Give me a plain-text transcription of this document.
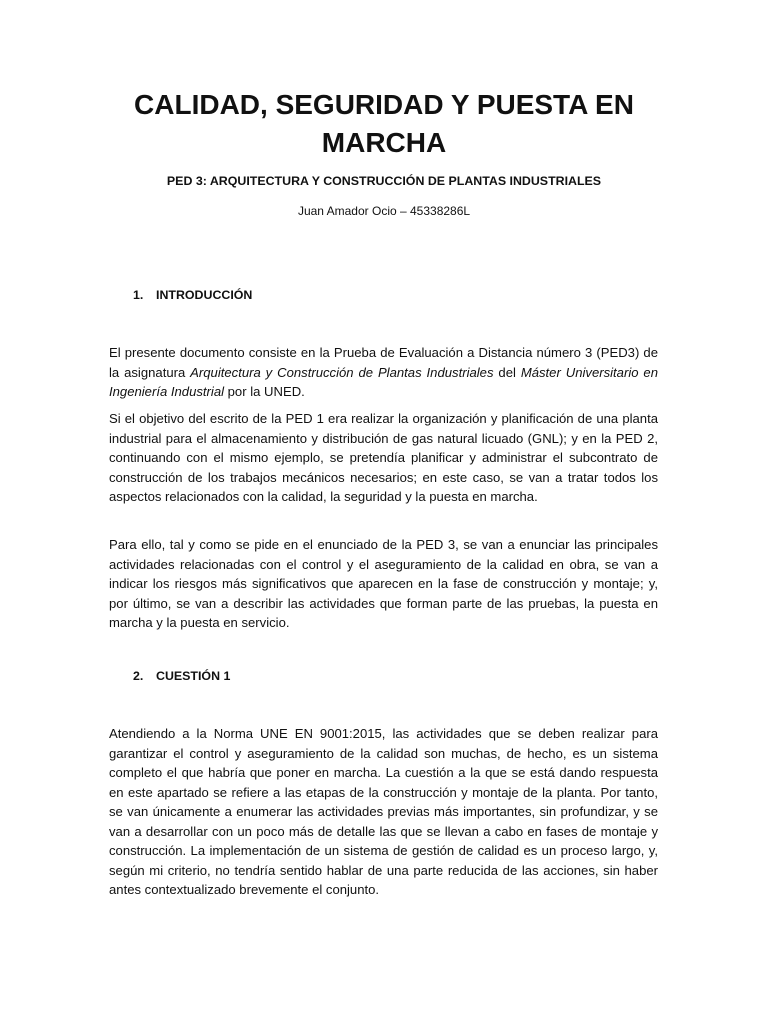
CALIDAD, SEGURIDAD Y PUESTA EN MARCHA

PED 3: ARQUITECTURA Y CONSTRUCCIÓN DE PLANTAS INDUSTRIALES

Juan Amador Ocio – 45338286L

1.	INTRODUCCIÓN

El presente documento consiste en la Prueba de Evaluación a Distancia número 3 (PED3) de la asignatura Arquitectura y Construcción de Plantas Industriales del Máster Universitario en Ingeniería Industrial por la UNED.

Si el objetivo del escrito de la PED 1 era realizar la organización y planificación de una planta industrial para el almacenamiento y distribución de gas natural licuado (GNL); y en la PED 2, continuando con el mismo ejemplo, se pretendía planificar y administrar el subcontrato de construcción de los trabajos mecánicos necesarios; en este caso, se van a tratar todos los aspectos relacionados con la calidad, la seguridad y la puesta en marcha.

Para ello, tal y como se pide en el enunciado de la PED 3, se van a enunciar las principales actividades relacionadas con el control y el aseguramiento de la calidad en obra, se van a indicar los riesgos más significativos que aparecen en la fase de construcción y montaje; y, por último, se van a describir las actividades que forman parte de las pruebas, la puesta en marcha y la puesta en servicio.

2.	CUESTIÓN 1

Atendiendo a la Norma UNE EN 9001:2015, las actividades que se deben realizar para garantizar el control y aseguramiento de la calidad son muchas, de hecho, es un sistema completo el que habría que poner en marcha. La cuestión a la que se está dando respuesta en este apartado se refiere a las etapas de la construcción y montaje de la planta. Por tanto, se van únicamente a enumerar las actividades previas más importantes, sin profundizar, y se van a desarrollar con un poco más de detalle las que se llevan a cabo en fases de montaje y construcción. La implementación de un sistema de gestión de calidad es un proceso largo, y, según mi criterio, no tendría sentido hablar de una parte reducida de las acciones, sin haber antes contextualizado brevemente el conjunto.
